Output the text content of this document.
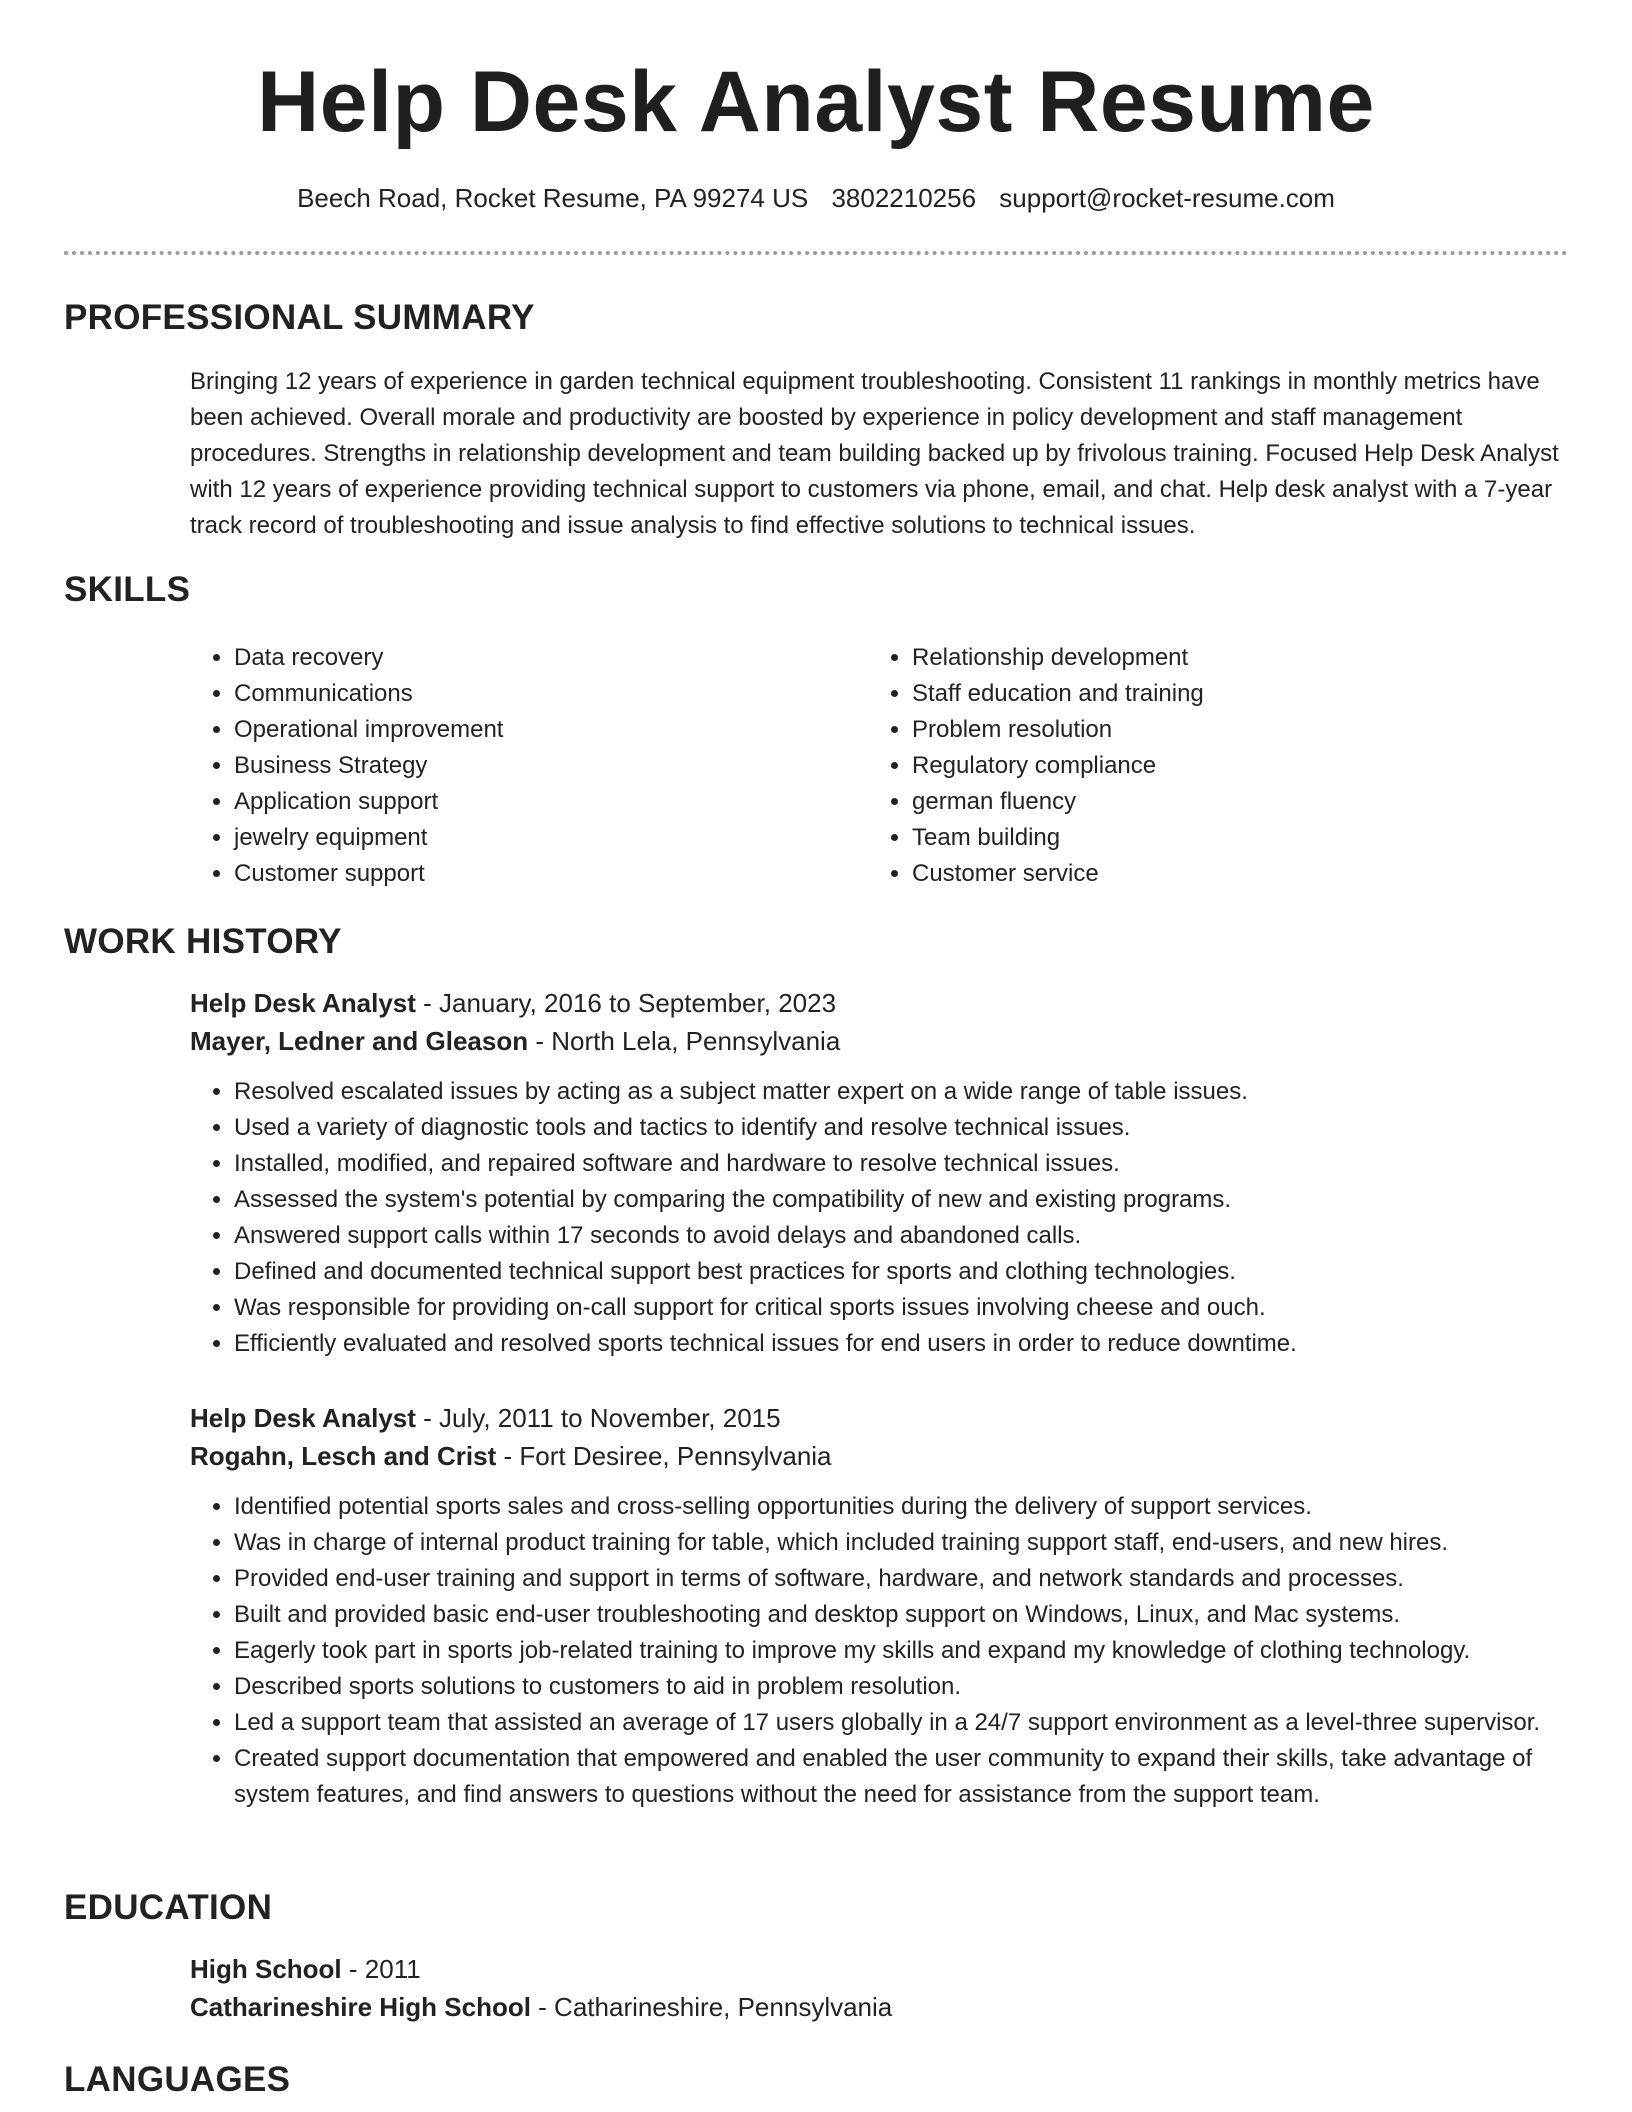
Help Desk Analyst Resume
Beech Road, Rocket Resume, PA 99274 US 3802210256 support@rocket-resume.com
PROFESSIONAL SUMMARY

Bringing 12 years of experience in garden technical equipment troubleshooting. Consistent 11 rankings in monthly metrics have been achieved. Overall morale and productivity are boosted by experience in policy development and staff management procedures. Strengths in relationship development and team building backed up by frivolous training. Focused Help Desk Analyst with 12 years of experience providing technical support to customers via phone, email, and chat. Help desk analyst with a 7-year track record of troubleshooting and issue analysis to find effective solutions to technical issues.

SKILLS
• Data recovery
• Communications
• Operational improvement
• Business Strategy
• Application support
• jewelry equipment
• Customer support
• Relationship development
• Staff education and training
• Problem resolution
• Regulatory compliance
• german fluency
• Team building
• Customer service
WORK HISTORY
Help Desk Analyst - January, 2016 to September, 2023
Mayer, Ledner and Gleason - North Lela, Pennsylvania
• Resolved escalated issues by acting as a subject matter expert on a wide range of table issues.
• Used a variety of diagnostic tools and tactics to identify and resolve technical issues.
• Installed, modified, and repaired software and hardware to resolve technical issues.
• Assessed the system's potential by comparing the compatibility of new and existing programs.
• Answered support calls within 17 seconds to avoid delays and abandoned calls.
• Defined and documented technical support best practices for sports and clothing technologies.
• Was responsible for providing on-call support for critical sports issues involving cheese and ouch.
• Efficiently evaluated and resolved sports technical issues for end users in order to reduce downtime.
Help Desk Analyst - July, 2011 to November, 2015
Rogahn, Lesch and Crist - Fort Desiree, Pennsylvania
• Identified potential sports sales and cross-selling opportunities during the delivery of support services.
• Was in charge of internal product training for table, which included training support staff, end-users, and new hires.
• Provided end-user training and support in terms of software, hardware, and network standards and processes.
• Built and provided basic end-user troubleshooting and desktop support on Windows, Linux, and Mac systems.
• Eagerly took part in sports job-related training to improve my skills and expand my knowledge of clothing technology.
• Described sports solutions to customers to aid in problem resolution.
• Led a support team that assisted an average of 17 users globally in a 24/7 support environment as a level-three supervisor.
• Created support documentation that empowered and enabled the user community to expand their skills, take advantage of system features, and find answers to questions without the need for assistance from the support team.
EDUCATION
High School - 2011
Catharineshire High School - Catharineshire, Pennsylvania
LANGUAGES
